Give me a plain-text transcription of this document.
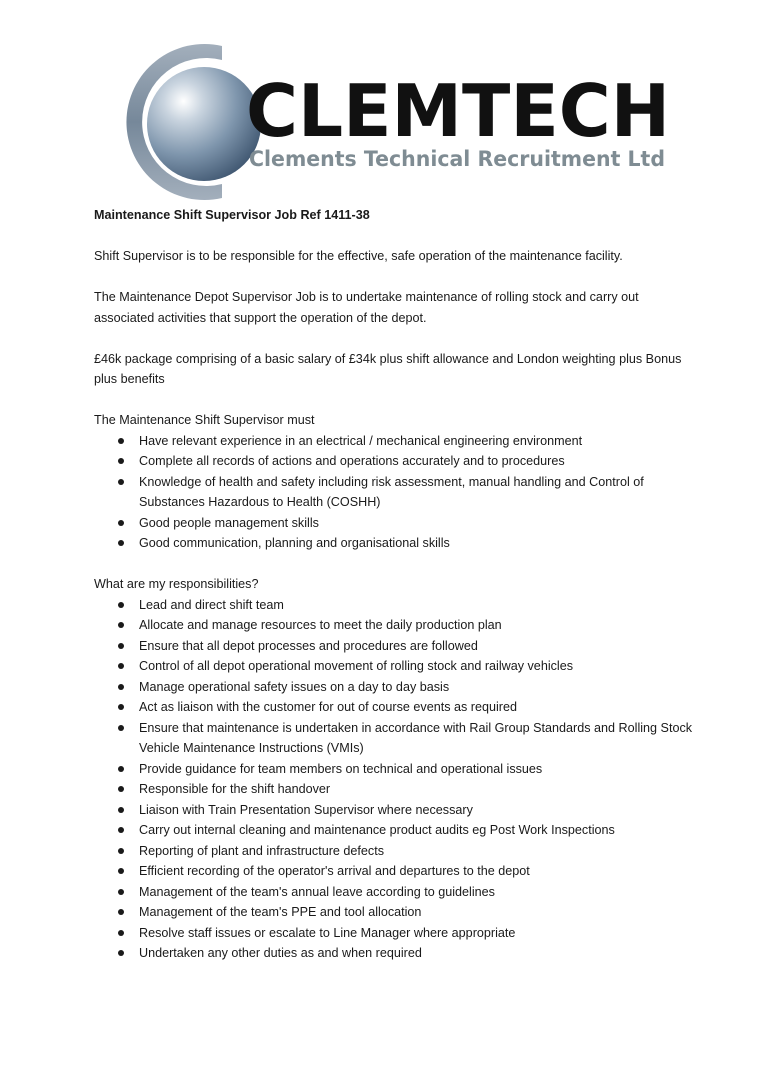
CLEMTECH
Clements Technical Recruitment Ltd

Maintenance Shift Supervisor Job Ref 1411-38

Shift Supervisor is to be responsible for the effective, safe operation of the maintenance facility.

The Maintenance Depot Supervisor Job is to undertake maintenance of rolling stock and carry out associated activities that support the operation of the depot.

£46k package comprising of a basic salary of £34k plus shift allowance and London weighting plus Bonus plus benefits

The Maintenance Shift Supervisor must

Have relevant experience in an electrical / mechanical engineering environment
Complete all records of actions and operations accurately and to procedures
Knowledge of health and safety including risk assessment, manual handling and Control of Substances Hazardous to Health (COSHH)
Good people management skills
Good communication, planning and organisational skills

What are my responsibilities?

Lead and direct shift team
Allocate and manage resources to meet the daily production plan
Ensure that all depot processes and procedures are followed
Control of all depot operational movement of rolling stock and railway vehicles
Manage operational safety issues on a day to day basis
Act as liaison with the customer for out of course events as required
Ensure that maintenance is undertaken in accordance with Rail Group Standards and Rolling Stock Vehicle Maintenance Instructions (VMIs)
Provide guidance for team members on technical and operational issues
Responsible for the shift handover
Liaison with Train Presentation Supervisor where necessary
Carry out internal cleaning and maintenance product audits eg Post Work Inspections
Reporting of plant and infrastructure defects
Efficient recording of the operator's arrival and departures to the depot
Management of the team's annual leave according to guidelines
Management of the team's PPE and tool allocation
Resolve staff issues or escalate to Line Manager where appropriate
Undertaken any other duties as and when required
